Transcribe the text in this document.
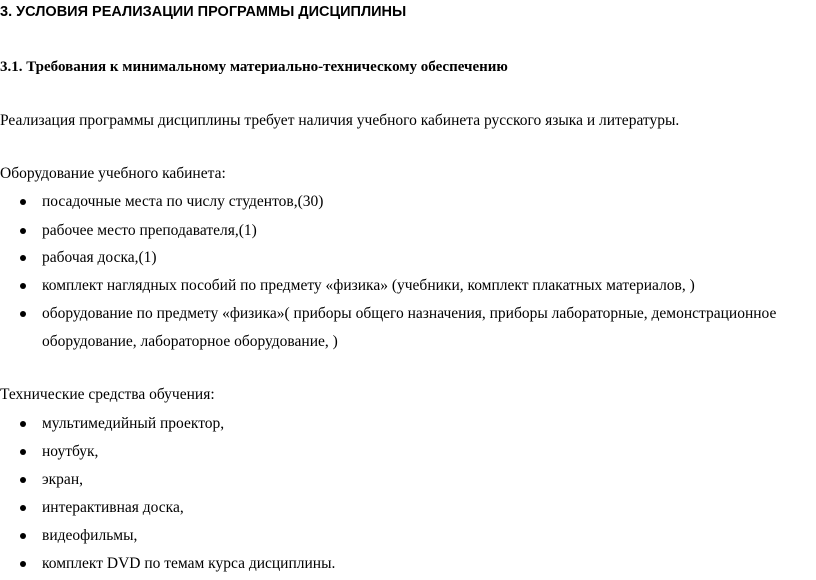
3. УСЛОВИЯ РЕАЛИЗАЦИИ ПРОГРАММЫ ДИСЦИПЛИНЫ
3.1. Требования к минимальному материально-техническому обеспечению
Реализация программы дисциплины требует наличия учебного кабинета русского языка и литературы.
Оборудование учебного кабинета:
посадочные места по числу студентов,(30)
рабочее место преподавателя,(1)
рабочая доска,(1)
комплект наглядных пособий по предмету «физика» (учебники, комплект плакатных материалов, )
оборудование по предмету «физика»( приборы общего назначения, приборы лабораторные, демонстрационное
оборудование, лабораторное оборудование, )
Технические средства обучения:
мультимедийный проектор,
ноутбук,
экран,
интерактивная доска,
видеофильмы,
комплект DVD по темам курса дисциплины.
